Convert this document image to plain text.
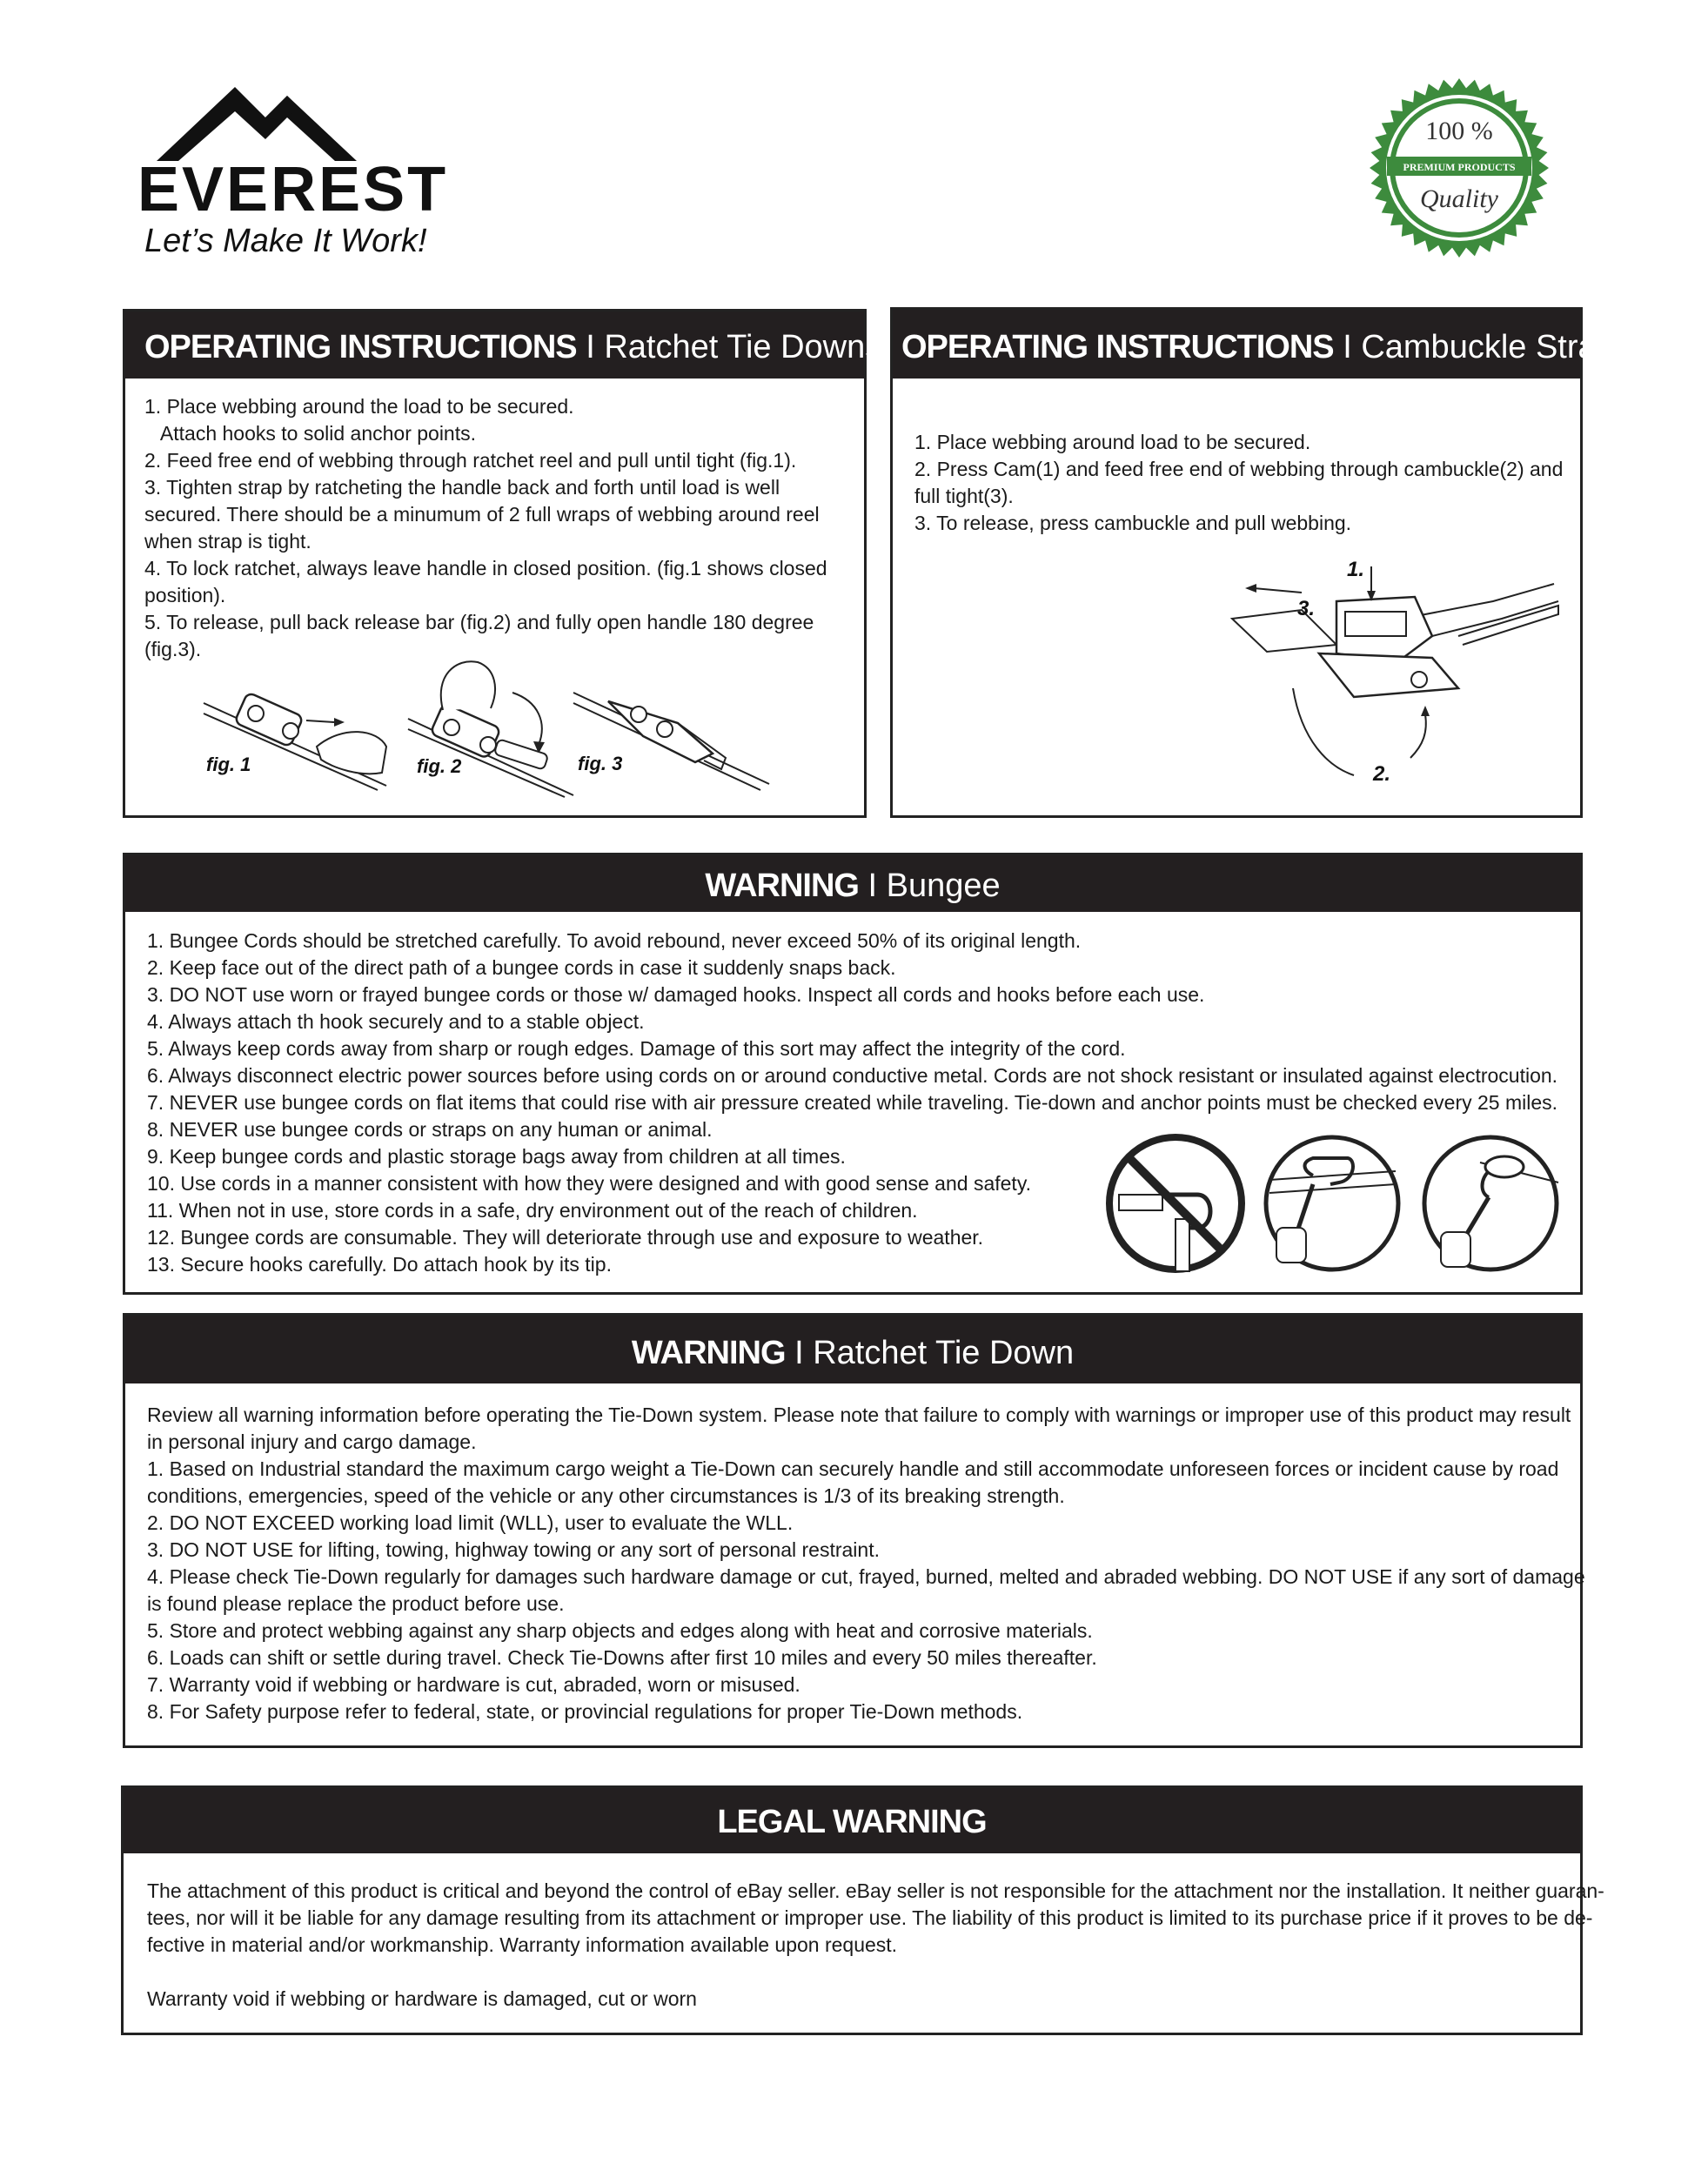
EVEREST
Let’s Make It Work!
100 %
PREMIUM PRODUCTS
Quality
OPERATING INSTRUCTIONS I Ratchet Tie Downs
1. Place webbing around the load to be secured.
Attach hooks to solid anchor points.
2. Feed free end of webbing through ratchet reel and pull until tight (fig.1).
3. Tighten strap by ratcheting the handle back and forth until load is well
secured. There should be a minumum of 2 full wraps of webbing around reel
when strap is tight.
4. To lock ratchet, always leave handle in closed position. (fig.1 shows closed
position).
5. To release, pull back release bar (fig.2) and fully open handle 180 degree
(fig.3).
fig. 1	fig. 2	fig. 3
OPERATING INSTRUCTIONS I Cambuckle Straps
1. Place webbing around load to be secured.
2. Press Cam(1) and feed free end of webbing through cambuckle(2) and
full tight(3).
3. To release, press cambuckle and pull webbing.
1.
2.
3.
WARNING I Bungee
1. Bungee Cords should be stretched carefully. To avoid rebound, never exceed 50% of its original length.
2. Keep face out of the direct path of a bungee cords in case it suddenly snaps back.
3. DO NOT use worn or frayed bungee cords or those w/ damaged hooks. Inspect all cords and hooks before each use.
4. Always attach th hook securely and to a stable object.
5. Always keep cords away from sharp or rough edges. Damage of this sort may affect the integrity of the cord.
6. Always disconnect electric power sources before using cords on or around conductive metal. Cords are not shock resistant or insulated against electrocution.
7. NEVER use bungee cords on flat items that could rise with air pressure created while traveling. Tie-down and anchor points must be checked every 25 miles.
8. NEVER use bungee cords or straps on any human or animal.
9. Keep bungee cords and plastic storage bags away from children at all times.
10. Use cords in a manner consistent with how they were designed and with good sense and safety.
11. When not in use, store cords in a safe, dry environment out of the reach of children.
12. Bungee cords are consumable. They will deteriorate through use and exposure to weather.
13. Secure hooks carefully. Do attach hook by its tip.
WARNING I Ratchet Tie Down
Review all warning information before operating the Tie-Down system. Please note that failure to comply with warnings or improper use of this product may result
in personal injury and cargo damage.
1. Based on Industrial standard the maximum cargo weight a Tie-Down can securely handle and still accommodate unforeseen forces or incident cause by road
conditions, emergencies, speed of the vehicle or any other circumstances is 1/3 of its breaking strength.
2. DO NOT EXCEED working load limit (WLL), user to evaluate the WLL.
3. DO NOT USE for lifting, towing, highway towing or any sort of personal restraint.
4. Please check Tie-Down regularly for damages such hardware damage or cut, frayed, burned, melted and abraded webbing. DO NOT USE if any sort of damage
is found please replace the product before use.
5. Store and protect webbing against any sharp objects and edges along with heat and corrosive materials.
6. Loads can shift or settle during travel. Check Tie-Downs after first 10 miles and every 50 miles thereafter.
7. Warranty void if webbing or hardware is cut, abraded, worn or misused.
8. For Safety purpose refer to federal, state, or provincial regulations for proper Tie-Down methods.
LEGAL WARNING
The attachment of this product is critical and beyond the control of eBay seller. eBay seller is not responsible for the attachment nor the installation. It neither guaran-
tees, nor will it be liable for any damage resulting from its attachment or improper use. The liability of this product is limited to its purchase price if it proves to be de-
fective in material and/or workmanship. Warranty information available upon request.
Warranty void if webbing or hardware is damaged, cut or worn
